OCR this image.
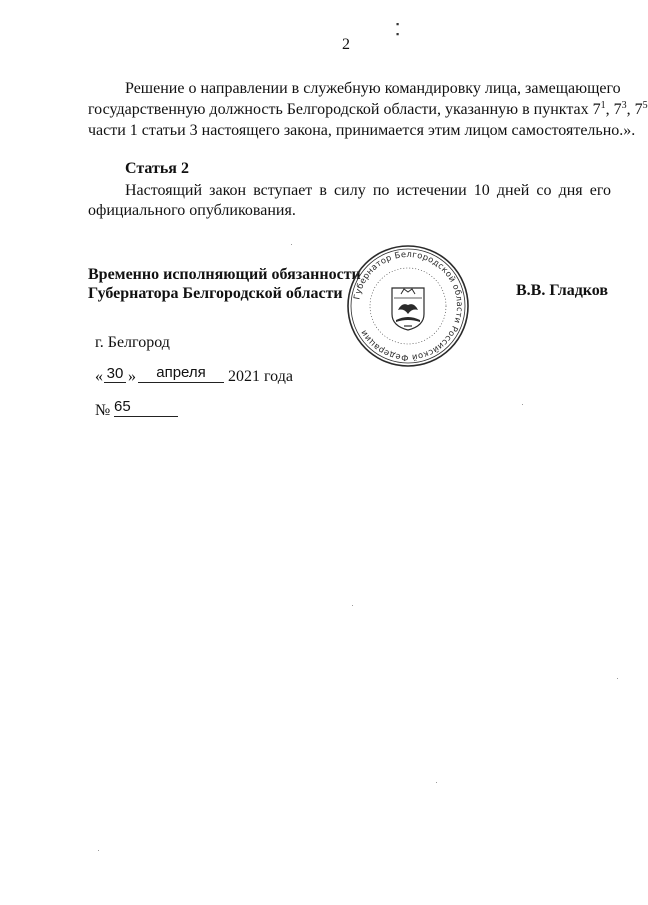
▪
▪
2
Решение о направлении в служебную командировку лица, замещающего
государственную должность Белгородской области, указанную в пунктах $7^1$, $7^3$, $7^5$
части 1 статьи 3 настоящего закона, принимается этим лицом самостоятельно.».
Статья 2
Настоящий закон вступает в силу по истечении 10 дней со дня его
официального опубликования.
Временно исполняющий обязанности
Губернатора Белгородской области	В.В. Гладков
Губернатор Белгородской области Российской Федерации
г. Белгород
« 30 »	апреля	2021 года
№ 65
